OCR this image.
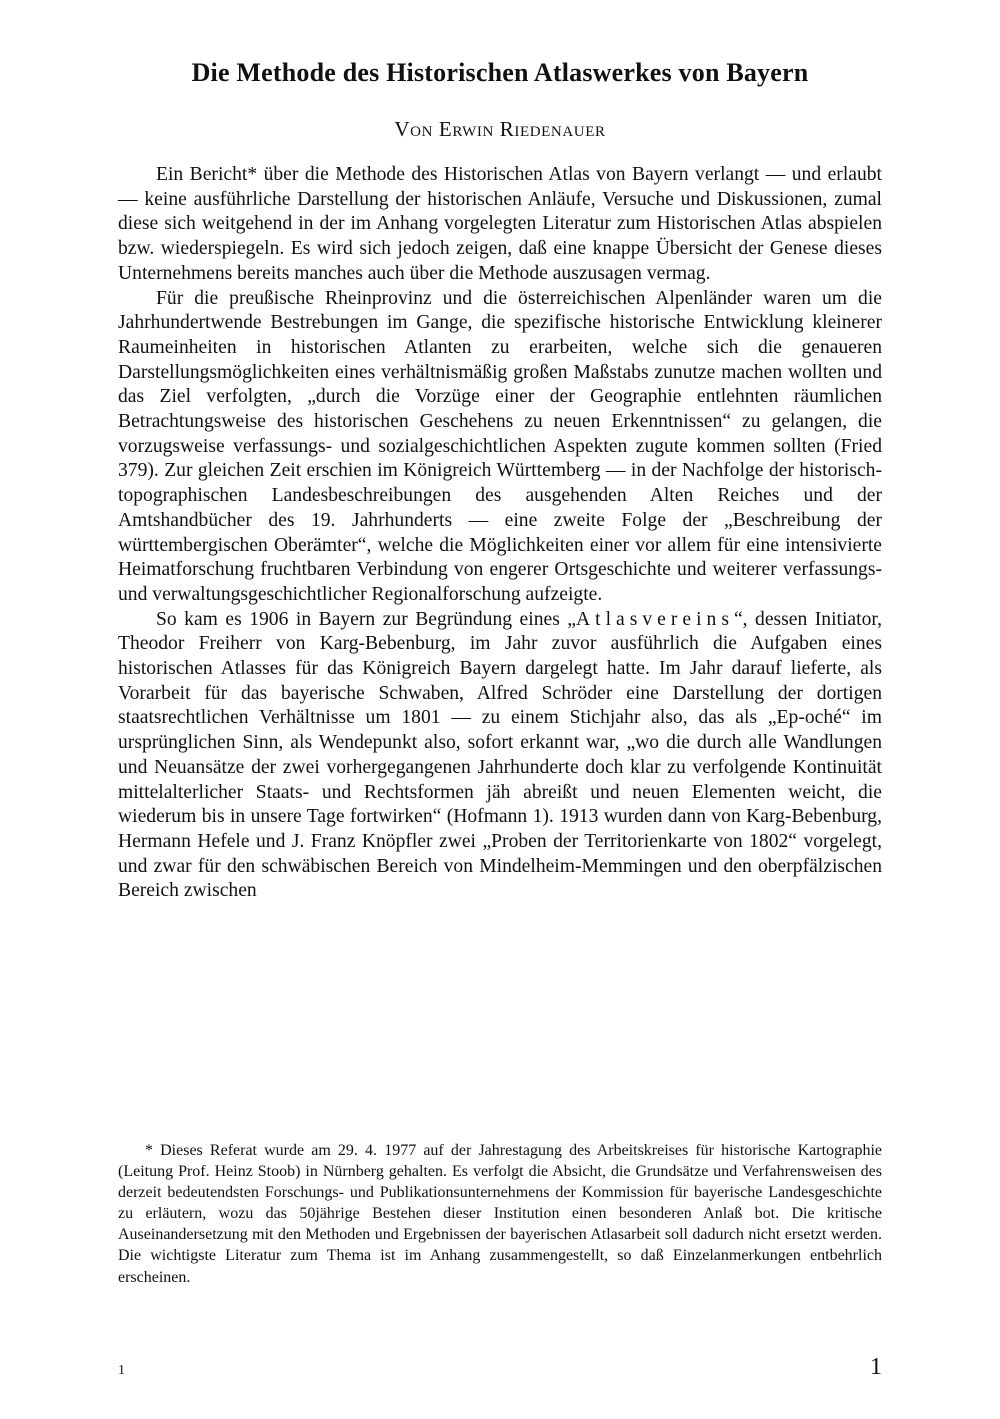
Die Methode des Historischen Atlaswerkes von Bayern
Von Erwin Riedenauer

Ein Bericht* über die Methode des Historischen Atlas von Bayern verlangt — und erlaubt — keine ausführliche Darstellung der historischen Anläufe, Versuche und Diskussionen, zumal diese sich weitgehend in der im Anhang vorgelegten Literatur zum Historischen Atlas abspielen bzw. wiederspiegeln. Es wird sich jedoch zeigen, daß eine knappe Übersicht der Genese dieses Unternehmens bereits manches auch über die Methode auszusagen vermag.

Für die preußische Rheinprovinz und die österreichischen Alpenländer waren um die Jahrhundertwende Bestrebungen im Gange, die spezifische historische Entwicklung kleinerer Raumeinheiten in historischen Atlanten zu erarbeiten, welche sich die genaueren Darstellungsmöglichkeiten eines verhältnismäßig großen Maßstabs zunutze machen wollten und das Ziel verfolgten, „durch die Vorzüge einer der Geographie entlehnten räumlichen Betrachtungsweise des historischen Geschehens zu neuen Erkenntnissen“ zu gelangen, die vorzugsweise verfassungs- und sozialgeschichtlichen Aspekten zugute kommen sollten (Fried 379). Zur gleichen Zeit erschien im Königreich Württemberg — in der Nachfolge der historisch-topographischen Landesbeschreibungen des ausgehenden Alten Reiches und der Amtshandbücher des 19. Jahrhunderts — eine zweite Folge der „Beschreibung der württembergischen Oberämter“, welche die Möglichkeiten einer vor allem für eine intensivierte Heimatforschung fruchtbaren Verbindung von engerer Ortsgeschichte und weiterer verfassungs- und verwaltungsgeschichtlicher Regionalforschung aufzeigte.

So kam es 1906 in Bayern zur Begründung eines „Atlasvereins“, dessen Initiator, Theodor Freiherr von Karg-Bebenburg, im Jahr zuvor ausführlich die Aufgaben eines historischen Atlasses für das Königreich Bayern dargelegt hatte. Im Jahr darauf lieferte, als Vorarbeit für das bayerische Schwaben, Alfred Schröder eine Darstellung der dortigen staatsrechtlichen Verhältnisse um 1801 — zu einem Stichjahr also, das als „Ep-oché“ im ursprünglichen Sinn, als Wendepunkt also, sofort erkannt war, „wo die durch alle Wandlungen und Neuansätze der zwei vorhergegangenen Jahrhunderte doch klar zu verfolgende Kontinuität mittelalterlicher Staats- und Rechtsformen jäh abreißt und neuen Elementen weicht, die wiederum bis in unsere Tage fortwirken“ (Hofmann 1). 1913 wurden dann von Karg-Bebenburg, Hermann Hefele und J. Franz Knöpfler zwei „Proben der Territorienkarte von 1802“ vorgelegt, und zwar für den schwäbischen Bereich von Mindelheim-Memmingen und den oberpfälzischen Bereich zwischen

* Dieses Referat wurde am 29. 4. 1977 auf der Jahrestagung des Arbeitskreises für historische Kartographie (Leitung Prof. Heinz Stoob) in Nürnberg gehalten. Es verfolgt die Absicht, die Grundsätze und Verfahrensweisen des derzeit bedeutendsten Forschungs- und Publikationsunternehmens der Kommission für bayerische Landesgeschichte zu erläutern, wozu das 50jährige Bestehen dieser Institution einen besonderen Anlaß bot. Die kritische Auseinandersetzung mit den Methoden und Ergebnissen der bayerischen Atlasarbeit soll dadurch nicht ersetzt werden. Die wichtigste Literatur zum Thema ist im Anhang zusammengestellt, so daß Einzelanmerkungen entbehrlich erscheinen.

1	1
